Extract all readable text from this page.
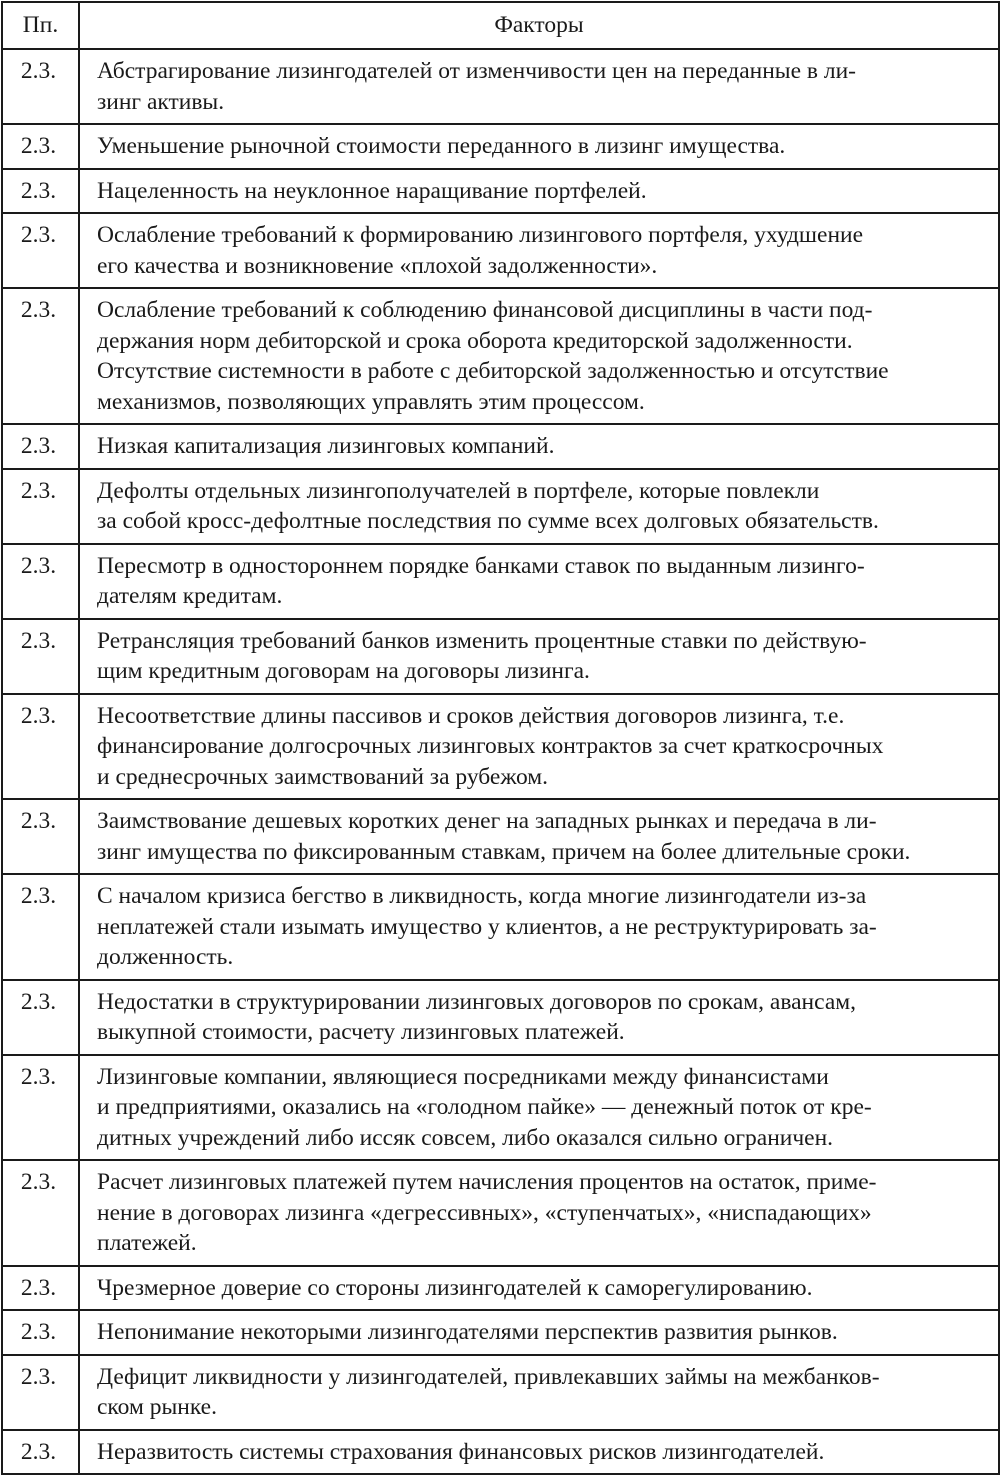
Пп.	Факторы
2.3.	Абстрагирование лизингодателей от изменчивости цен на переданные в ли-
зинг активы.
2.3.	Уменьшение рыночной стоимости переданного в лизинг имущества.
2.3.	Нацеленность на неуклонное наращивание портфелей.
2.3.	Ослабление требований к формированию лизингового портфеля, ухудшение
его качества и возникновение «плохой задолженности».
2.3.	Ослабление требований к соблюдению финансовой дисциплины в части под-
держания норм дебиторской и срока оборота кредиторской задолженности.
Отсутствие системности в работе с дебиторской задолженностью и отсутствие
механизмов, позволяющих управлять этим процессом.
2.3.	Низкая капитализация лизинговых компаний.
2.3.	Дефолты отдельных лизингополучателей в портфеле, которые повлекли
за собой кросс-дефолтные последствия по сумме всех долговых обязательств.
2.3.	Пересмотр в одностороннем порядке банками ставок по выданным лизинго-
дателям кредитам.
2.3.	Ретрансляция требований банков изменить процентные ставки по действую-
щим кредитным договорам на договоры лизинга.
2.3.	Несоответствие длины пассивов и сроков действия договоров лизинга, т.е.
финансирование долгосрочных лизинговых контрактов за счет краткосрочных
и среднесрочных заимствований за рубежом.
2.3.	Заимствование дешевых коротких денег на западных рынках и передача в ли-
зинг имущества по фиксированным ставкам, причем на более длительные сроки.
2.3.	С началом кризиса бегство в ликвидность, когда многие лизингодатели из-за
неплатежей стали изымать имущество у клиентов, а не реструктурировать за-
долженность.
2.3.	Недостатки в структурировании лизинговых договоров по срокам, авансам,
выкупной стоимости, расчету лизинговых платежей.
2.3.	Лизинговые компании, являющиеся посредниками между финансистами
и предприятиями, оказались на «голодном пайке» — денежный поток от кре-
дитных учреждений либо иссяк совсем, либо оказался сильно ограничен.
2.3.	Расчет лизинговых платежей путем начисления процентов на остаток, приме-
нение в договорах лизинга «дегрессивных», «ступенчатых», «ниспадающих»
платежей.
2.3.	Чрезмерное доверие со стороны лизингодателей к саморегулированию.
2.3.	Непонимание некоторыми лизингодателями перспектив развития рынков.
2.3.	Дефицит ликвидности у лизингодателей, привлекавших займы на межбанков-
ском рынке.
2.3.	Неразвитость системы страхования финансовых рисков лизингодателей.
